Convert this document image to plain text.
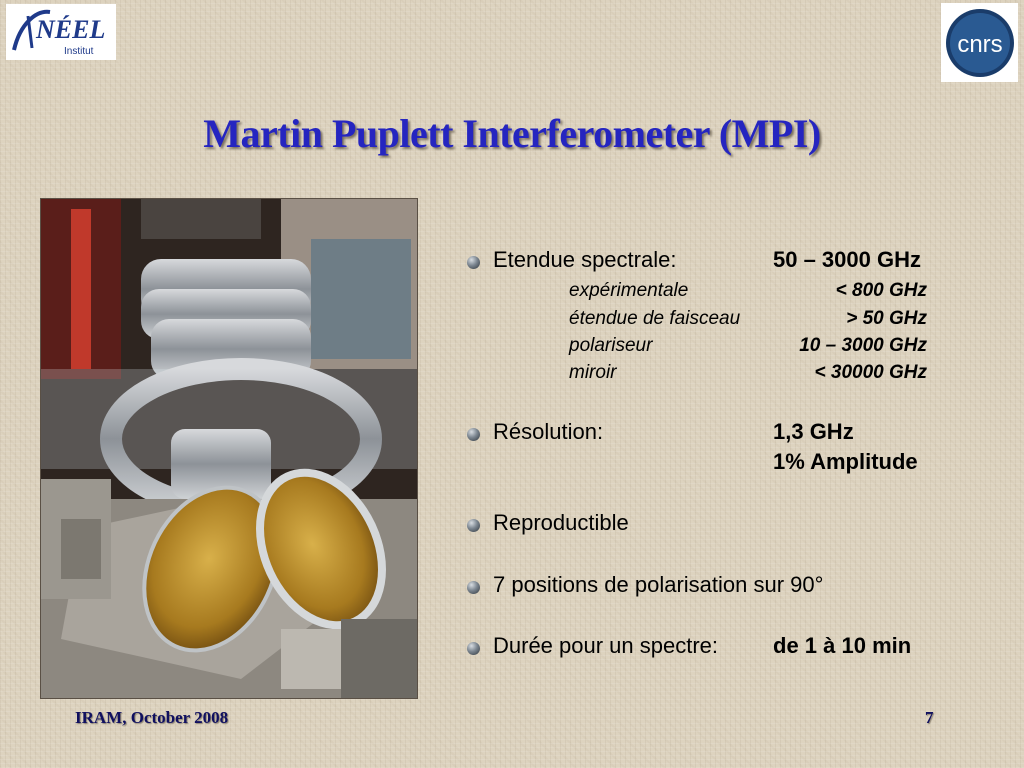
NÉEL
Institut	cnrs
Martin Puplett Interferometer (MPI)
Etendue spectrale:	50 – 3000 GHz
expérimentale	< 800 GHz
étendue de faisceau	> 50 GHz
polariseur	10 – 3000 GHz
miroir	< 30000 GHz
Résolution:	1,3 GHz
1% Amplitude
Reproductible
7 positions de polarisation sur 90°
Durée pour un spectre: de 1 à 10 min
IRAM, October 2008	7
